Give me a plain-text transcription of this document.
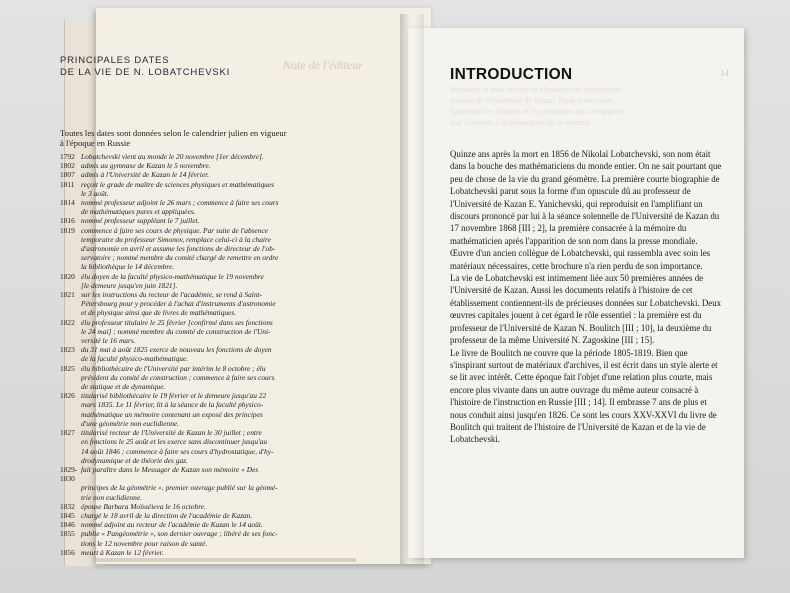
Note de l'éditeur
PRINCIPALES DATES
DE LA VIE DE N. LOBATCHEVSKI
Toutes les dates sont données selon le calendrier julien en vigueur
à l'époque en Russie
1792 Lobatchevski vient au monde le 20 novembre [1er décembre].
1802 admis au gymnase de Kazan le 5 novembre.
1807 admis à l'Université de Kazan le 14 février.
1811 reçoit le grade de maître de sciences physiques et mathématiques
le 3 août.
1814 nommé professeur adjoint le 26 mars ; commence à faire ses cours
de mathématiques pures et appliquées.
1816 nommé professeur suppléant le 7 juillet.
1819 commence à faire ses cours de physique. Par suite de l'absence
temporaire du professeur Simonov, remplace celui-ci à la chaire
d'astronomie en avril et assume les fonctions de directeur de l'ob-
servatoire ; nommé membre du comité chargé de remettre en ordre
la bibliothèque le 14 décembre.
1820 élu doyen de la faculté physico-mathématique le 19 novembre
[le demeure jusqu'en juin 1821].
1821 sur les instructions du recteur de l'académie, se rend à Saint-
Pétersbourg pour y procéder à l'achat d'instruments d'astronomie
et de physique ainsi que de livres de mathématiques.
1822 élu professeur titulaire le 25 février [confirmé dans ses fonctions
le 24 mai] ; nommé membre du comité de construction de l'Uni-
versité le 16 mars.
1823 du 31 mai à août 1825 exerce de nouveau les fonctions de doyen
de la faculté physico-mathématique.
1825 élu bibliothécaire de l'Université par intérim le 8 octobre ; élu
président du comité de construction ; commence à faire ses cours
de statique et de dynamique.
1826 titularisé bibliothécaire le 19 février et le demeure jusqu'au 22
mars 1835. Le 11 février, lit à la séance de la faculté physico-
mathématique un mémoire contenant un exposé des principes
d'une géométrie non euclidienne.
1827 titularisé recteur de l'Université de Kazan le 30 juillet ; entre
en fonctions le 25 août et les exerce sans discontinuer jusqu'au
14 août 1846 ; commence à faire ses cours d'hydrostatique, d'hy-
drodynamique et de théorie des gaz.
1829-1830
fait paraître dans le Messager de Kazan son mémoire « Des
principes de la géométrie », premier ouvrage publié sur la géomé-
trie non euclidienne.
1832 épouse Barbara Moïsséieva le 16 octobre.
1845 chargé le 18 avril de la direction de l'académie de Kazan.
1846 nommé adjoint au recteur de l'académie de Kazan le 14 août.
1855 publie « Pangéométrie », son dernier ouvrage ; libéré de ses fonc-
tions le 12 novembre pour raison de santé.
1856 meurt à Kazan le 12 février.
Monsieur le sous-recteur et Messieurs les professeurs
travaux de l'Université de Kazan. Nous remercions
également les éditions et les personnes qui ont apporté
leur concours à la préparation de ce volume.
INTRODUCTION	14

Quinze ans après la mort en 1856 de Nikolaï Lobatchevski, son nom était dans la bouche des mathématiciens du monde entier. On ne sait pourtant que peu de chose de la vie du grand géomètre. La première courte biographie de Lobatchevski parut sous la forme d'un opuscule dû au professeur de l'Université de Kazan E. Yanichevski, qui reproduisit en l'amplifiant un discours prononcé par lui à la séance solennelle de l'Université de Kazan du 17 novembre 1868 [III ; 2], la première consacrée à la mémoire du mathématicien après l'apparition de son nom dans la presse mondiale. Œuvre d'un ancien collègue de Lobatchevski, qui rassembla avec soin les matériaux nécessaires, cette brochure n'a rien perdu de son importance.

La vie de Lobatchevski est intimement liée aux 50 premières années de l'Université de Kazan. Aussi les documents relatifs à l'histoire de cet établissement contiennent-ils de précieuses données sur Lobatchevski. Deux œuvres capitales jouent à cet égard le rôle essentiel : la première est du professeur de l'Université de Kazan N. Boulitch [III ; 10], la deuxième du professeur de la même Université N. Zagoskine [III ; 15].

Le livre de Boulitch ne couvre que la période 1805-1819. Bien que s'inspirant surtout de matériaux d'archives, il est écrit dans un style alerte et se lit avec intérêt. Cette époque fait l'objet d'une relation plus courte, mais encore plus vivante dans un autre ouvrage du même auteur consacré à l'histoire de l'instruction en Russie [III ; 14]. Il embrasse 7 ans de plus et nous conduit ainsi jusqu'en 1826. Ce sont les cours XXV-XXVI du livre de Boulitch qui traitent de l'histoire de l'Université de Kazan et de la vie de Lobatchevski.
